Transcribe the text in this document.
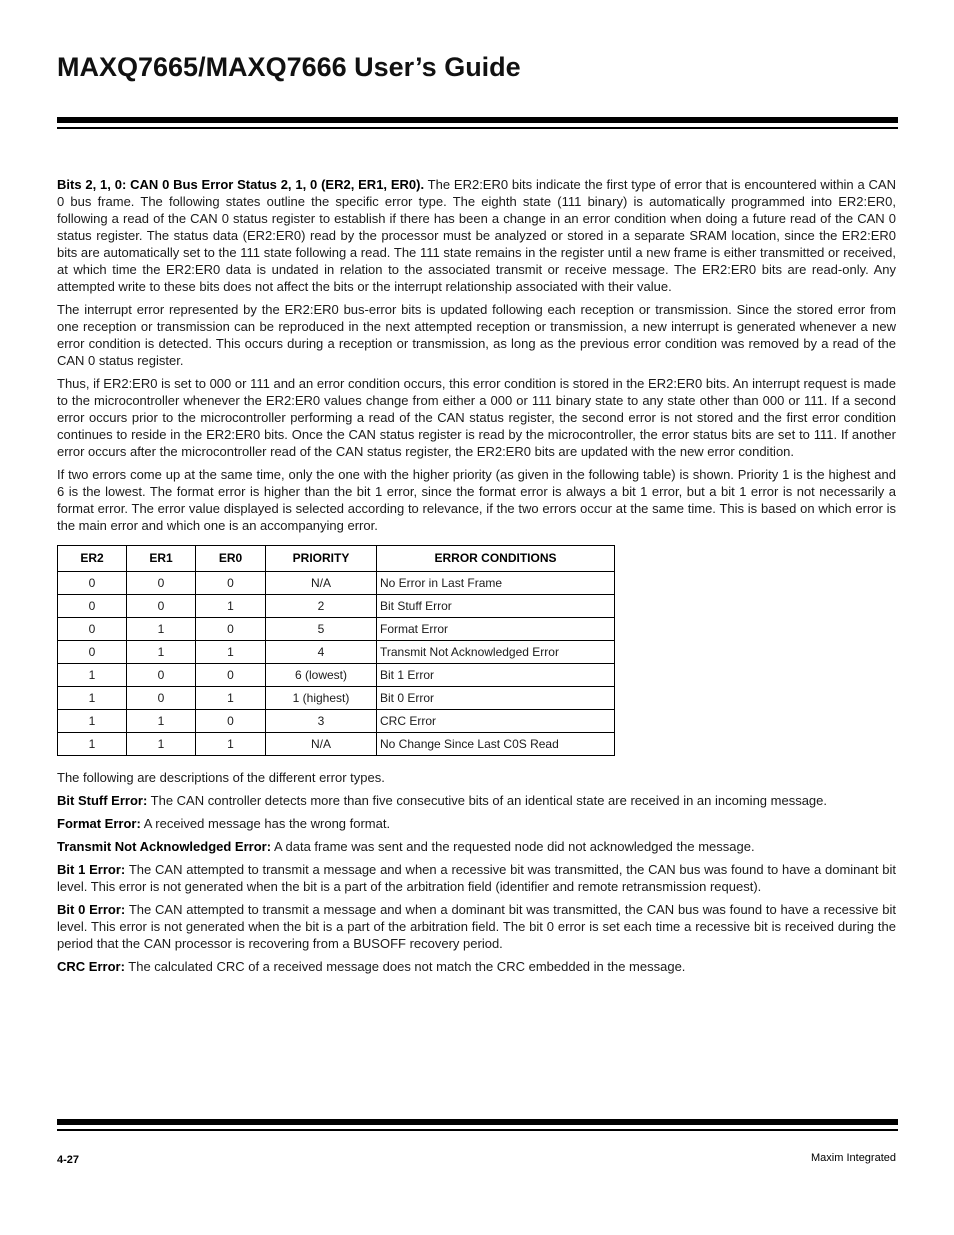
MAXQ7665/MAXQ7666 User’s Guide

Bits 2, 1, 0: CAN 0 Bus Error Status 2, 1, 0 (ER2, ER1, ER0). The ER2:ER0 bits indicate the first type of error that is encountered within a CAN 0 bus frame. The following states outline the specific error type. The eighth state (111 binary) is automatically programmed into ER2:ER0, following a read of the CAN 0 status register to establish if there has been a change in an error condition when doing a future read of the CAN 0 status register. The status data (ER2:ER0) read by the processor must be analyzed or stored in a separate SRAM location, since the ER2:ER0 bits are automatically set to the 111 state following a read. The 111 state remains in the register until a new frame is either transmitted or received, at which time the ER2:ER0 data is undated in relation to the associated transmit or receive message. The ER2:ER0 bits are read-only. Any attempted write to these bits does not affect the bits or the interrupt relationship associated with their value.

The interrupt error represented by the ER2:ER0 bus-error bits is updated following each reception or transmission. Since the stored error from one reception or transmission can be reproduced in the next attempted reception or transmission, a new interrupt is generated whenever a new error condition is detected. This occurs during a reception or transmission, as long as the previous error condition was removed by a read of the CAN 0 status register.

Thus, if ER2:ER0 is set to 000 or 111 and an error condition occurs, this error condition is stored in the ER2:ER0 bits. An interrupt request is made to the microcontroller whenever the ER2:ER0 values change from either a 000 or 111 binary state to any state other than 000 or 111. If a second error occurs prior to the microcontroller performing a read of the CAN status register, the second error is not stored and the first error condition continues to reside in the ER2:ER0 bits. Once the CAN status register is read by the microcontroller, the error status bits are set to 111. If another error occurs after the microcontroller read of the CAN status register, the ER2:ER0 bits are updated with the new error condition.

If two errors come up at the same time, only the one with the higher priority (as given in the following table) is shown. Priority 1 is the highest and 6 is the lowest. The format error is higher than the bit 1 error, since the format error is always a bit 1 error, but a bit 1 error is not necessarily a format error. The error value displayed is selected according to relevance, if the two errors occur at the same time. This is based on which error is the main error and which one is an accompanying error.

ER2	ER1	ER0	PRIORITY	ERROR CONDITIONS
0	0	0	N/A	No Error in Last Frame
0	0	1	2	Bit Stuff Error
0	1	0	5	Format Error
0	1	1	4	Transmit Not Acknowledged Error
1	0	0	6 (lowest)	Bit 1 Error
1	0	1	1 (highest)	Bit 0 Error
1	1	0	3	CRC Error
1	1	1	N/A	No Change Since Last C0S Read

The following are descriptions of the different error types.

Bit Stuff Error: The CAN controller detects more than five consecutive bits of an identical state are received in an incoming message.

Format Error: A received message has the wrong format.

Transmit Not Acknowledged Error: A data frame was sent and the requested node did not acknowledged the message.

Bit 1 Error: The CAN attempted to transmit a message and when a recessive bit was transmitted, the CAN bus was found to have a dominant bit level. This error is not generated when the bit is a part of the arbitration field (identifier and remote retransmission request).

Bit 0 Error: The CAN attempted to transmit a message and when a dominant bit was transmitted, the CAN bus was found to have a recessive bit level. This error is not generated when the bit is a part of the arbitration field. The bit 0 error is set each time a recessive bit is received during the period that the CAN processor is recovering from a BUSOFF recovery period.

CRC Error: The calculated CRC of a received message does not match the CRC embedded in the message.

4-27	Maxim Integrated
